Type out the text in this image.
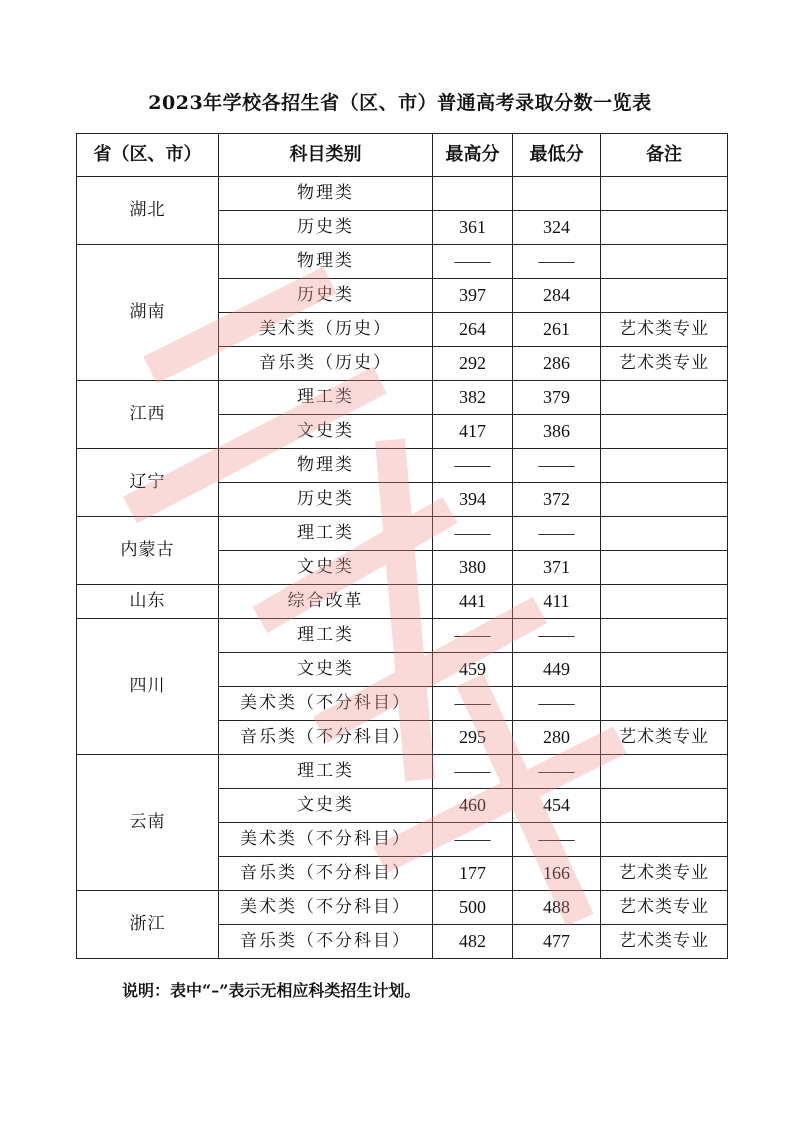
2023年学校各招生省（区、市）普通高考录取分数一览表
省（区、市）	科目类别	最高分	最低分	备注
湖北	物理类			
	历史类	361	324	
湖南	物理类	——	——	
	历史类	397	284	
	美术类（历史）	264	261	艺术类专业
	音乐类（历史）	292	286	艺术类专业
江西	理工类	382	379	
	文史类	417	386	
辽宁	物理类	——	——	
	历史类	394	372	
内蒙古	理工类	——	——	
	文史类	380	371	
山东	综合改革	441	411	
四川	理工类	——	——	
	文史类	459	449	
	美术类（不分科目）	——	——	
	音乐类（不分科目）	295	280	艺术类专业
云南	理工类	——	——	
	文史类	460	454	
	美术类（不分科目）	——	——	
	音乐类（不分科目）	177	166	艺术类专业
浙江	美术类（不分科目）	500	488	艺术类专业
	音乐类（不分科目）	482	477	艺术类专业
说明：表中“–”表示无相应科类招生计划。
